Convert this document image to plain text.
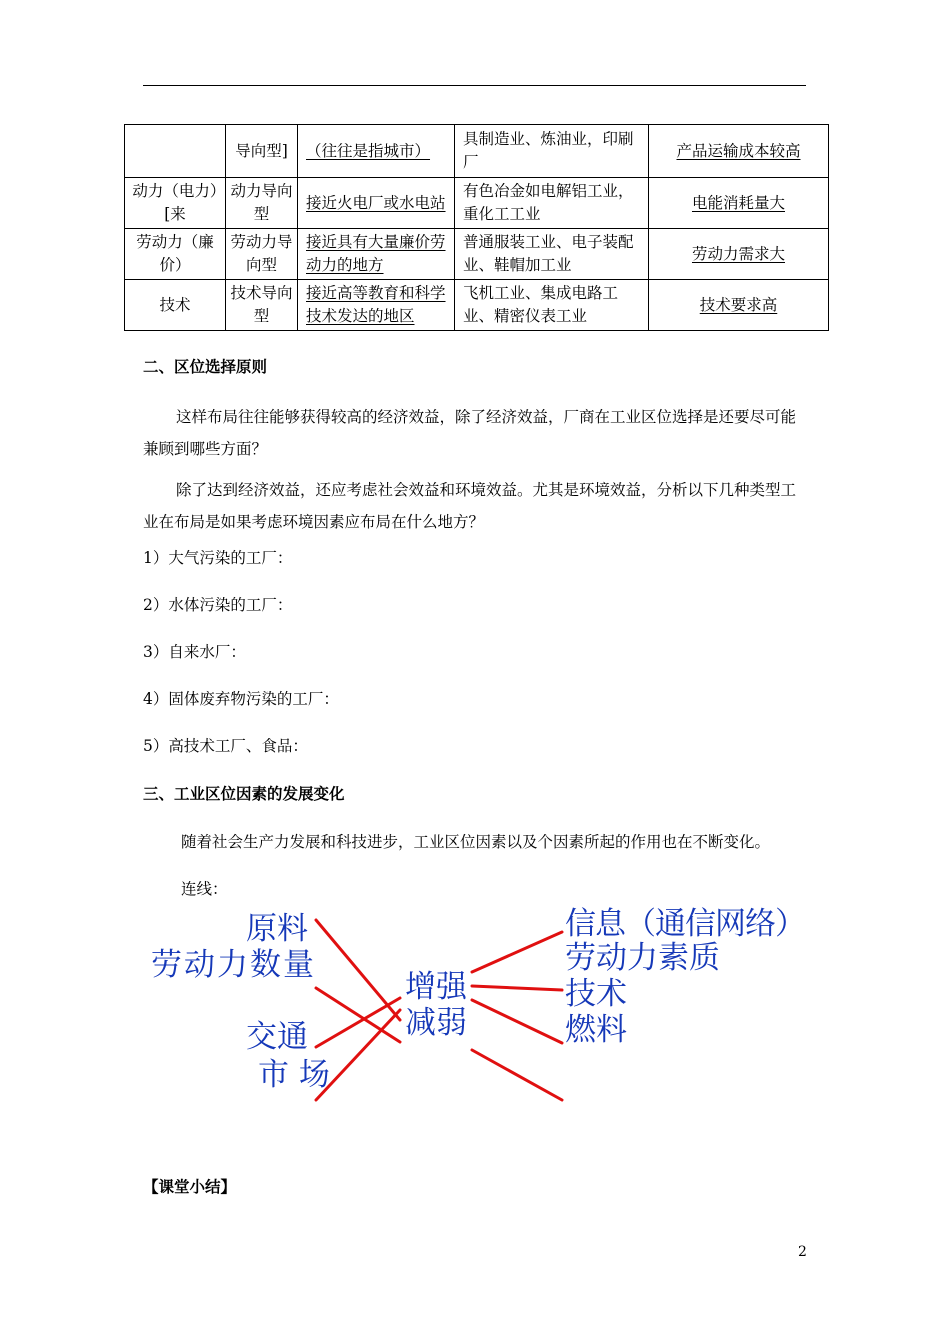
	导向型]	（往往是指城市）	具制造业、炼油业，印刷厂	产品运输成本较高
动力（电力）[来	动力导向型	接近火电厂或水电站	有色冶金如电解铝工业，重化工工业	电能消耗量大
劳动力（廉价）	劳动力导向型	接近具有大量廉价劳动力的地方	普通服装工业、电子装配业、鞋帽加工业	劳动力需求大
技术	技术导向型	接近高等教育和科学技术发达的地区	飞机工业、集成电路工业、精密仪表工业	技术要求高
二、区位选择原则
这样布局往往能够获得较高的经济效益，除了经济效益，厂商在工业区位选择是还要尽可能兼顾到哪些方面？
除了达到经济效益，还应考虑社会效益和环境效益。尤其是环境效益，分析以下几种类型工业在布局是如果考虑环境因素应布局在什么地方？
1）大气污染的工厂：
2）水体污染的工厂：
3）自来水厂：
4）固体废弃物污染的工厂：
5）高技术工厂、食品：
三、工业区位因素的发展变化
随着社会生产力发展和科技进步，工业区位因素以及个因素所起的作用也在不断变化。
连线：
原料
劳动力数量
交通
市 场
增强
减弱
信息（通信网络）
劳动力素质
技术
燃料
【课堂小结】
2
